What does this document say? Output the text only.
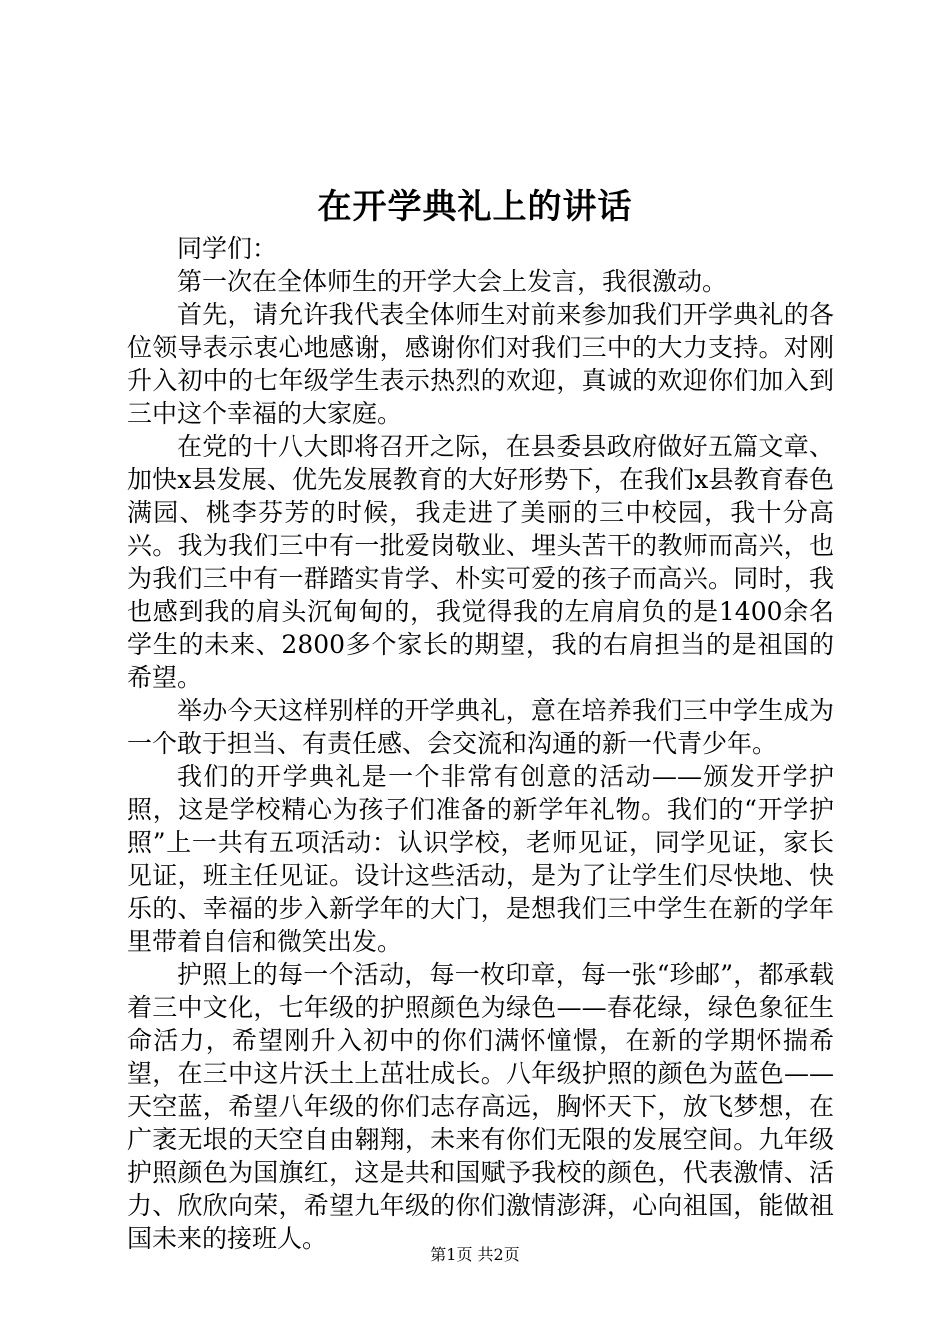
在开学典礼上的讲话

同学们：

第一次在全体师生的开学大会上发言，我很激动。

首先，请允许我代表全体师生对前来参加我们开学典礼的各位领导表示衷心地感谢，感谢你们对我们三中的大力支持。对刚升入初中的七年级学生表示热烈的欢迎，真诚的欢迎你们加入到三中这个幸福的大家庭。

在党的十八大即将召开之际，在县委县政府做好五篇文章、加快x县发展、优先发展教育的大好形势下，在我们x县教育春色满园、桃李芬芳的时候，我走进了美丽的三中校园，我十分高兴。我为我们三中有一批爱岗敬业、埋头苦干的教师而高兴，也为我们三中有一群踏实肯学、朴实可爱的孩子而高兴。同时，我也感到我的肩头沉甸甸的，我觉得我的左肩肩负的是1400余名学生的未来、2800多个家长的期望，我的右肩担当的是祖国的希望。

举办今天这样别样的开学典礼，意在培养我们三中学生成为一个敢于担当、有责任感、会交流和沟通的新一代青少年。

我们的开学典礼是一个非常有创意的活动——颁发开学护照，这是学校精心为孩子们准备的新学年礼物。我们的“开学护照”上一共有五项活动：认识学校，老师见证，同学见证，家长见证，班主任见证。设计这些活动，是为了让学生们尽快地、快乐的、幸福的步入新学年的大门，是想我们三中学生在新的学年里带着自信和微笑出发。

护照上的每一个活动，每一枚印章，每一张“珍邮”，都承载着三中文化，七年级的护照颜色为绿色——春花绿，绿色象征生命活力，希望刚升入初中的你们满怀憧憬，在新的学期怀揣希望，在三中这片沃土上茁壮成长。八年级护照的颜色为蓝色——天空蓝，希望八年级的你们志存高远，胸怀天下，放飞梦想，在广袤无垠的天空自由翱翔，未来有你们无限的发展空间。九年级护照颜色为国旗红，这是共和国赋予我校的颜色，代表激情、活力、欣欣向荣，希望九年级的你们激情澎湃，心向祖国，能做祖国未来的接班人。

第1页 共2页
